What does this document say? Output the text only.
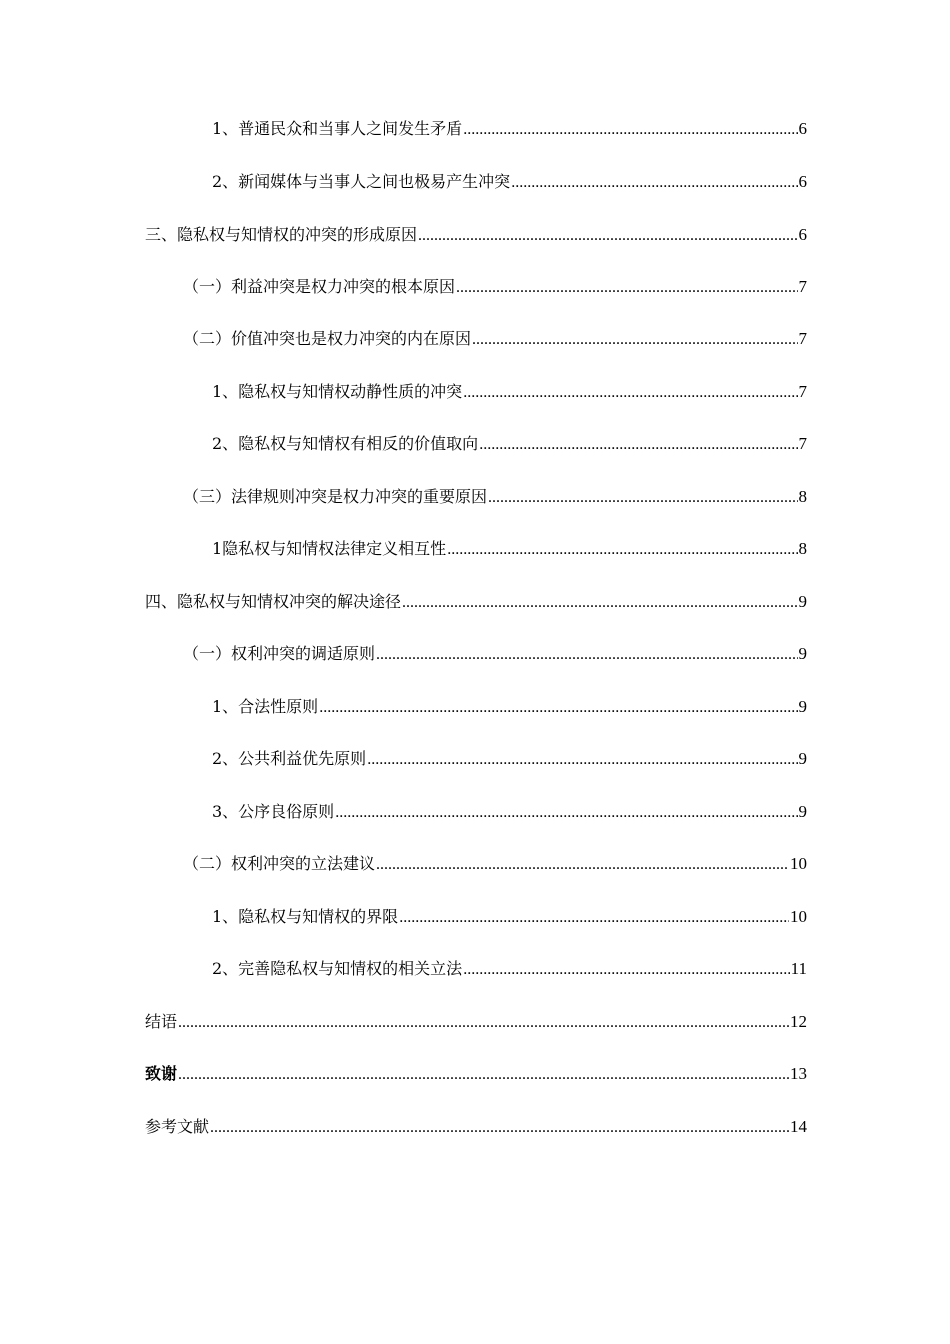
1、普通民众和当事人之间发生矛盾 .....	6
2、新闻媒体与当事人之间也极易产生冲突 .....	6
三、隐私权与知情权的冲突的形成原因 .....	6
（一）利益冲突是权力冲突的根本原因 .....	7
（二）价值冲突也是权力冲突的内在原因 .....	7
1、隐私权与知情权动静性质的冲突 .....	7
2、隐私权与知情权有相反的价值取向 .....	7
（三）法律规则冲突是权力冲突的重要原因 .....	8
1隐私权与知情权法律定义相互性 .....	8
四、隐私权与知情权冲突的解决途径 .....	9
（一）权利冲突的调适原则 .....	9
1、合法性原则 .....	9
2、公共利益优先原则 .....	9
3、公序良俗原则 .....	9
（二）权利冲突的立法建议 .....	10
1、隐私权与知情权的界限 .....	10
2、完善隐私权与知情权的相关立法 .....	11
结语 .....	12
致谢 .....	13
参考文献 .....	14
